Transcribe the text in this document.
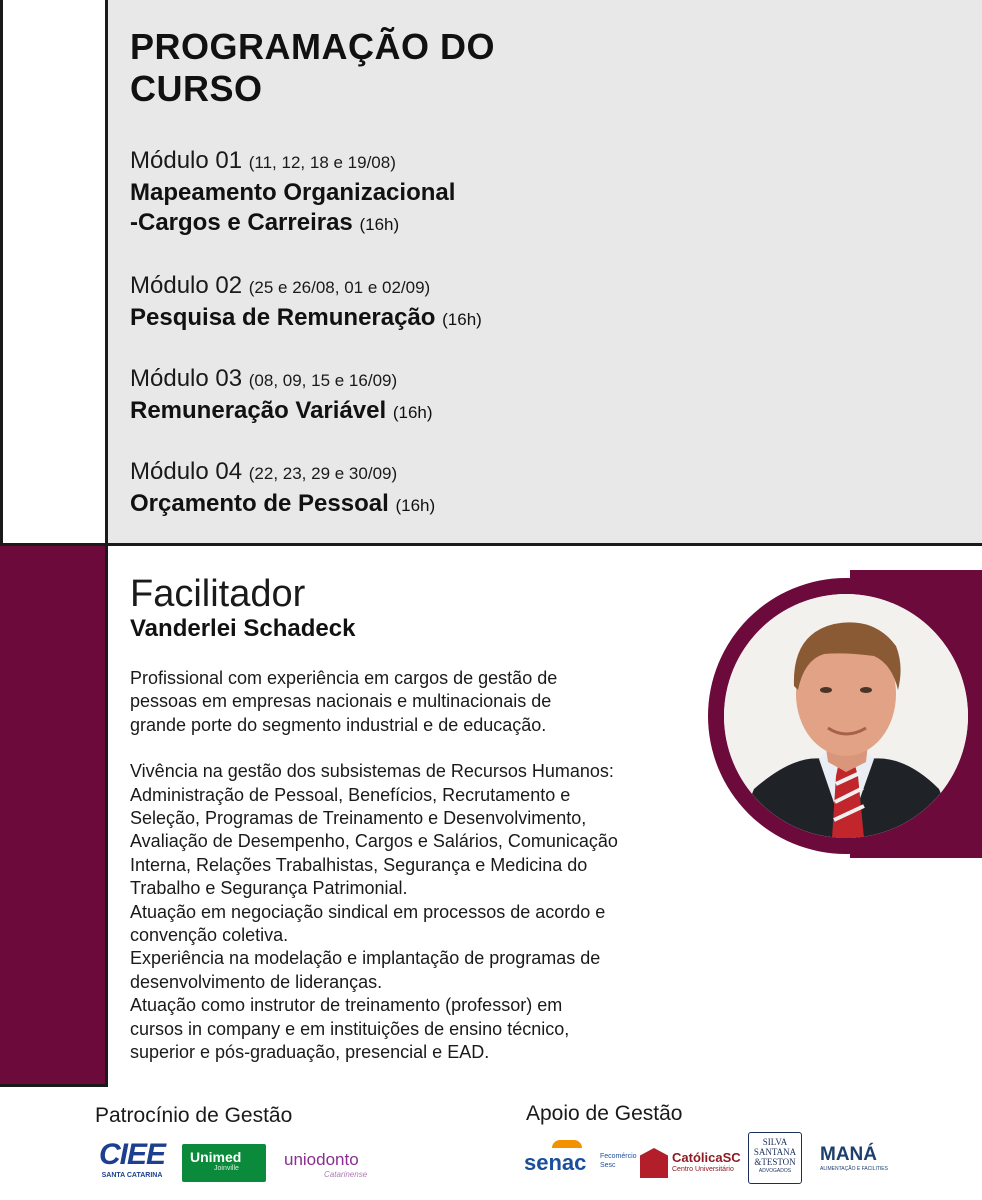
PROGRAMAÇÃO DO
CURSO
Módulo 01 (11, 12, 18 e 19/08)
Mapeamento Organizacional
-Cargos e Carreiras (16h)
Módulo 02 (25 e 26/08, 01 e 02/09)
Pesquisa de Remuneração (16h)
Módulo 03 (08, 09, 15 e 16/09)
Remuneração Variável (16h)
Módulo 04 (22, 23, 29 e 30/09)
Orçamento de Pessoal (16h)
Facilitador
Vanderlei Schadeck

Profissional com experiência em cargos de gestão de

pessoas em empresas nacionais e multinacionais de

grande porte do segmento industrial e de educação.

Vivência na gestão dos subsistemas de Recursos Humanos:

Administração de Pessoal, Benefícios, Recrutamento e

Seleção, Programas de Treinamento e Desenvolvimento,

Avaliação de Desempenho, Cargos e Salários, Comunicação

Interna, Relações Trabalhistas, Segurança e Medicina do

Trabalho e Segurança Patrimonial.

Atuação em negociação sindical em processos de acordo e

convenção coletiva.

Experiência na modelação e implantação de programas de

desenvolvimento de lideranças.

Atuação como instrutor de treinamento (professor) em

cursos in company e em instituições de ensino técnico,

superior e pós-graduação, presencial e EAD.

Patrocínio de Gestão	Apoio de Gestão
CIEE
SANTA CATARINA
Unimed
Joinville	uniodonto
Catarinense	senac Fecomércio
Sesc
CatólicaSC
Centro Universitário
SILVA
SANTANA
&TESTON
ADVOGADOS
MANÁ
ALIMENTAÇÃO E FACILITIES
